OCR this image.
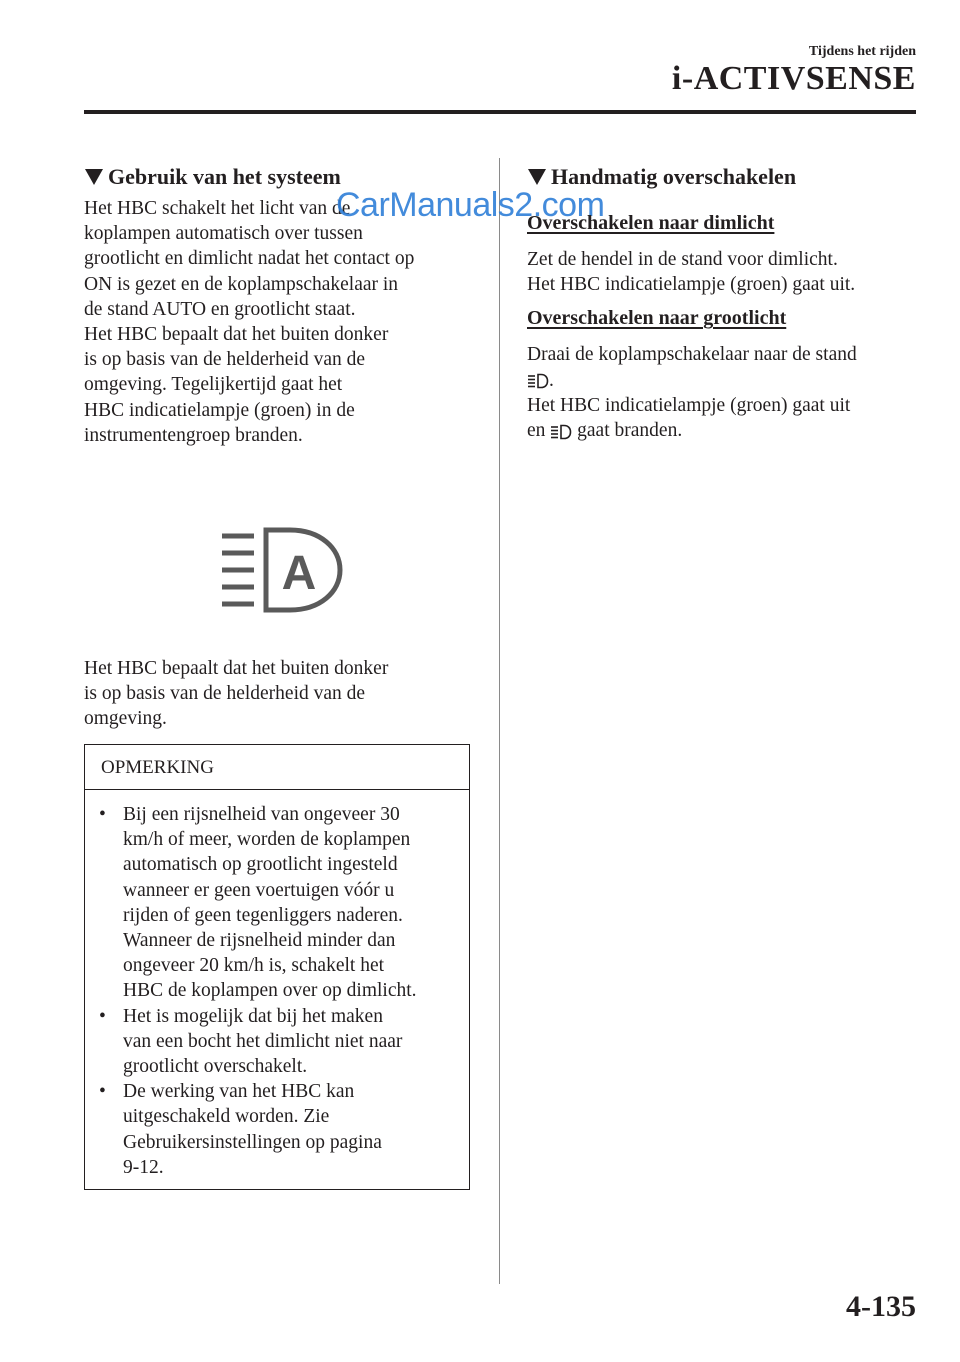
Tijdens het rijden
i-ACTIVSENSE
Gebruik van het systeem

Het HBC schakelt het licht van de
koplampen automatisch over tussen
grootlicht en dimlicht nadat het contact op
ON is gezet en de koplampschakelaar in
de stand AUTO en grootlicht staat.
Het HBC bepaalt dat het buiten donker
is op basis van de helderheid van de
omgeving. Tegelijkertijd gaat het
HBC indicatielampje (groen) in de
instrumentengroep branden.

CarManuals2.com
A

Het HBC bepaalt dat het buiten donker
is op basis van de helderheid van de
omgeving.

OPMERKING
• Bij een rijsnelheid van ongeveer 30
km/h of meer, worden de koplampen
automatisch op grootlicht ingesteld
wanneer er geen voertuigen vóór u
rijden of geen tegenliggers naderen.
Wanneer de rijsnelheid minder dan
ongeveer 20 km/h is, schakelt het
HBC de koplampen over op dimlicht.
• Het is mogelijk dat bij het maken
van een bocht het dimlicht niet naar
grootlicht overschakelt.
• De werking van het HBC kan
uitgeschakeld worden. Zie
Gebruikersinstellingen op pagina
9-12.
Handmatig overschakelen
Overschakelen naar dimlicht

Zet de hendel in de stand voor dimlicht.
Het HBC indicatielampje (groen) gaat uit.

Overschakelen naar grootlicht

Draai de koplampschakelaar naar de stand
.
Het HBC indicatielampje (groen) gaat uit
en gaat branden.

4-135
